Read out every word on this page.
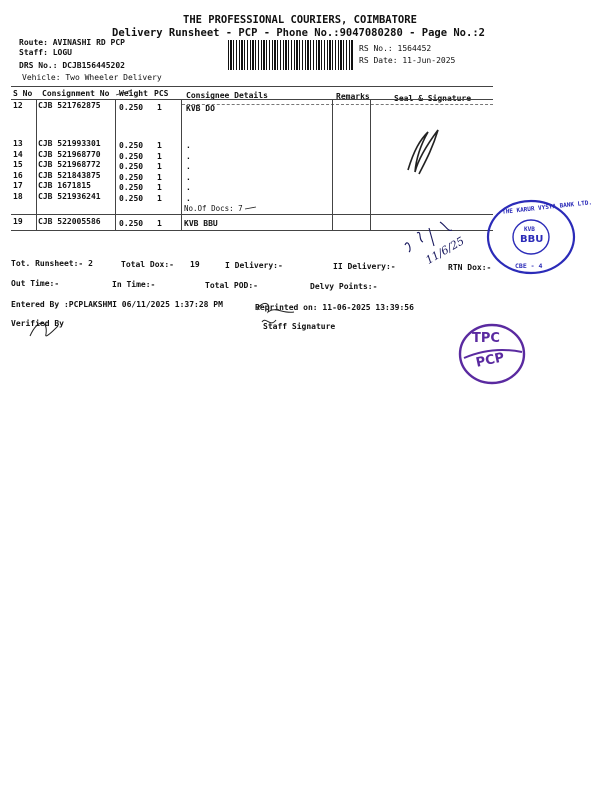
THE PROFESSIONAL COURIERS, COIMBATORE
Delivery Runsheet - PCP - Phone No.:9047080280 - Page No.:2
Route: AVINASHI RD PCP
Staff: LOGU
DRS No.: DCJB156445202
Vehicle: Two Wheeler Delivery
RS No.: 1564452
RS Date: 11-Jun-2025
S No Consignment No Weight PCS Consignee Details	Remarks	Seal & Signature
12 CJB 521762875 0.250 1	KVB DO
13 CJB 521993301 0.250 1	.
14 CJB 521968770 0.250 1	.
15 CJB 521968772 0.250 1	.
16 CJB 521843875 0.250 1	.
17 CJB 1671815	0.250 1	.
18 CJB 521936241 0.250 1	.
No.Of Docs: 7
19 CJB 522005586 0.250 1	KVB BBU
Tot. Runsheet:- 2	Total Dox:- 19	I Delivery:-	II Delivery:-	RTN Dox:-
Out Time:-	In Time:-	Total POD:-	Delvy Points:-
Entered By :PCPLAKSHMI 06/11/2025 1:37:28 PM	Reprinted on: 11-06-2025 13:39:56
Verified By	Staff Signature
11/6/25
THE KARUR VYSYA BANK LTD.
KVB
BBU
CBE - 4
TPC
PCP
